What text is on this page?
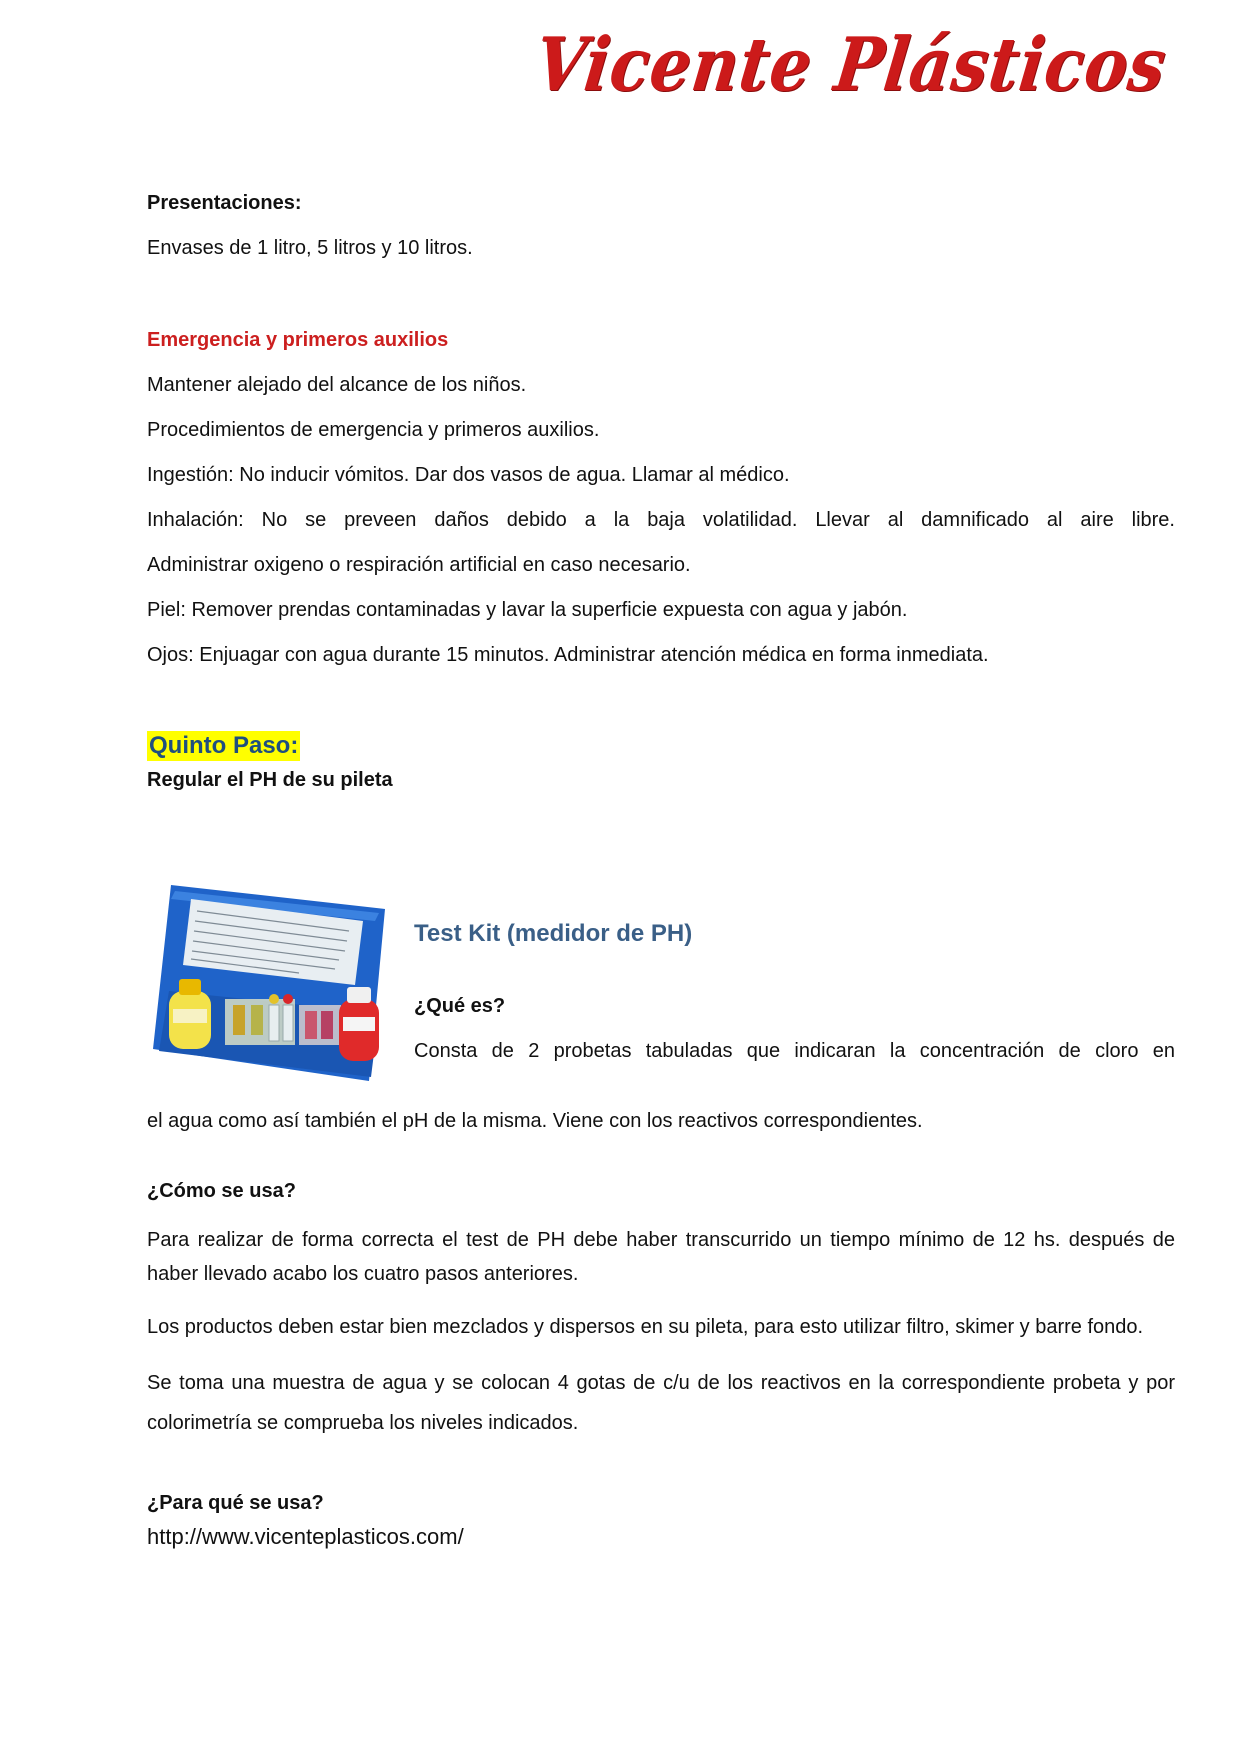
Vicente Plásticos
Presentaciones:
Envases de 1 litro, 5 litros y 10 litros.
Emergencia y primeros auxilios
Mantener alejado del alcance de los niños.
Procedimientos de emergencia y primeros auxilios.
Ingestión: No inducir vómitos. Dar dos vasos de agua. Llamar al médico.
Inhalación: No se preveen daños debido a la baja volatilidad. Llevar al damnificado al aire libre.
Administrar oxigeno o respiración artificial en caso necesario.
Piel: Remover prendas contaminadas y lavar la superficie expuesta con agua y jabón.
Ojos: Enjuagar con agua durante 15 minutos. Administrar atención médica en forma inmediata.
Quinto Paso:
Regular el PH de su pileta
Test Kit (medidor de PH)
¿Qué es?
Consta de 2 probetas tabuladas que indicaran la concentración de cloro en
el agua como así también el pH de la misma. Viene con los reactivos correspondientes.
¿Cómo se usa?
Para realizar de forma correcta el test de PH debe haber transcurrido un tiempo mínimo de 12 hs. después de haber llevado acabo los cuatro pasos anteriores.
Los productos deben estar bien mezclados y dispersos en su pileta, para esto utilizar filtro, skimer y barre fondo.
Se toma una muestra de agua y se colocan 4 gotas de c/u de los reactivos en la correspondiente probeta y por colorimetría se comprueba los niveles indicados.
¿Para qué se usa?
http://www.vicenteplasticos.com/
